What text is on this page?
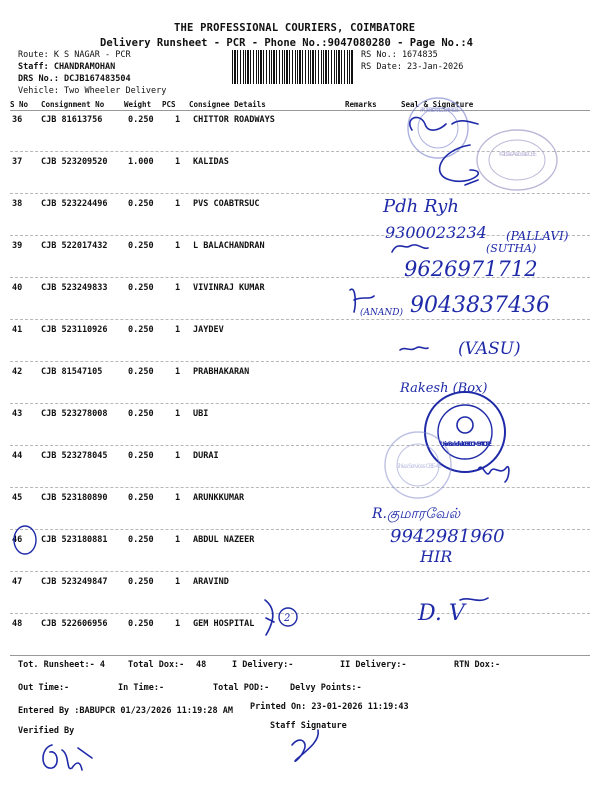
THE PROFESSIONAL COURIERS, COIMBATORE
Delivery Runsheet - PCR - Phone No.:9047080280 - Page No.:4
Route: K S NAGAR - PCR
Staff: CHANDRAMOHAN
DRS No.: DCJB167483504
Vehicle: Two Wheeler Delivery
RS No.: 1674835
RS Date: 23-Jan-2026
S No Consignment No	Weight PCS Consignee Details	Remarks	Seal & Signature
36 CJB 81613756	0.250	1 CHITTOR ROADWAYS
37 CJB 523209520 1.000	1 KALIDAS
38 CJB 523224496 0.250	1 PVS COABTRSUC
39 CJB 522017432 0.250	1 L BALACHANDRAN
40 CJB 523249833 0.250	1 VIVINRAJ KUMAR
41 CJB 523110926 0.250	1 JAYDEV
42 CJB 81547105	0.250	1 PRABHAKARAN
43 CJB 523278008 0.250	1 UBI
44 CJB 523278045 0.250	1 DURAI
45 CJB 523180890 0.250	1 ARUNKKUMAR
46 CJB 523180881 0.250	1 ABDUL NAZEER
47 CJB 523249847 0.250	1 ARAVIND
48 CJB 522606956 0.250	1 GEM HOSPITAL
Tot. Runsheet:- 4	Total Dox:- 48	I Delivery:-	II Delivery:-	RTN Dox:-
Out Time:-	In Time:-	Total POD:- Delvy Points:-
Entered By :BABUPCR 01/23/2026 11:19:28 AM Printed On: 23-01-2026 11:19:43
Verified By	Staff Signature
PROFESSIONAL COURIERS CBE
Kalidass Associate CBE
Pdh Ryh
9300023234 (PALLAVI)
(SUTHA)
9626971712
(ANAND) 9043837436
(VASU)
Rakesh (Box)
Union Bank of India CBE COIMBATORE
Shiva Services CBE-45
R.குமாரவேல்
9942981960
HIR
2	D. V
